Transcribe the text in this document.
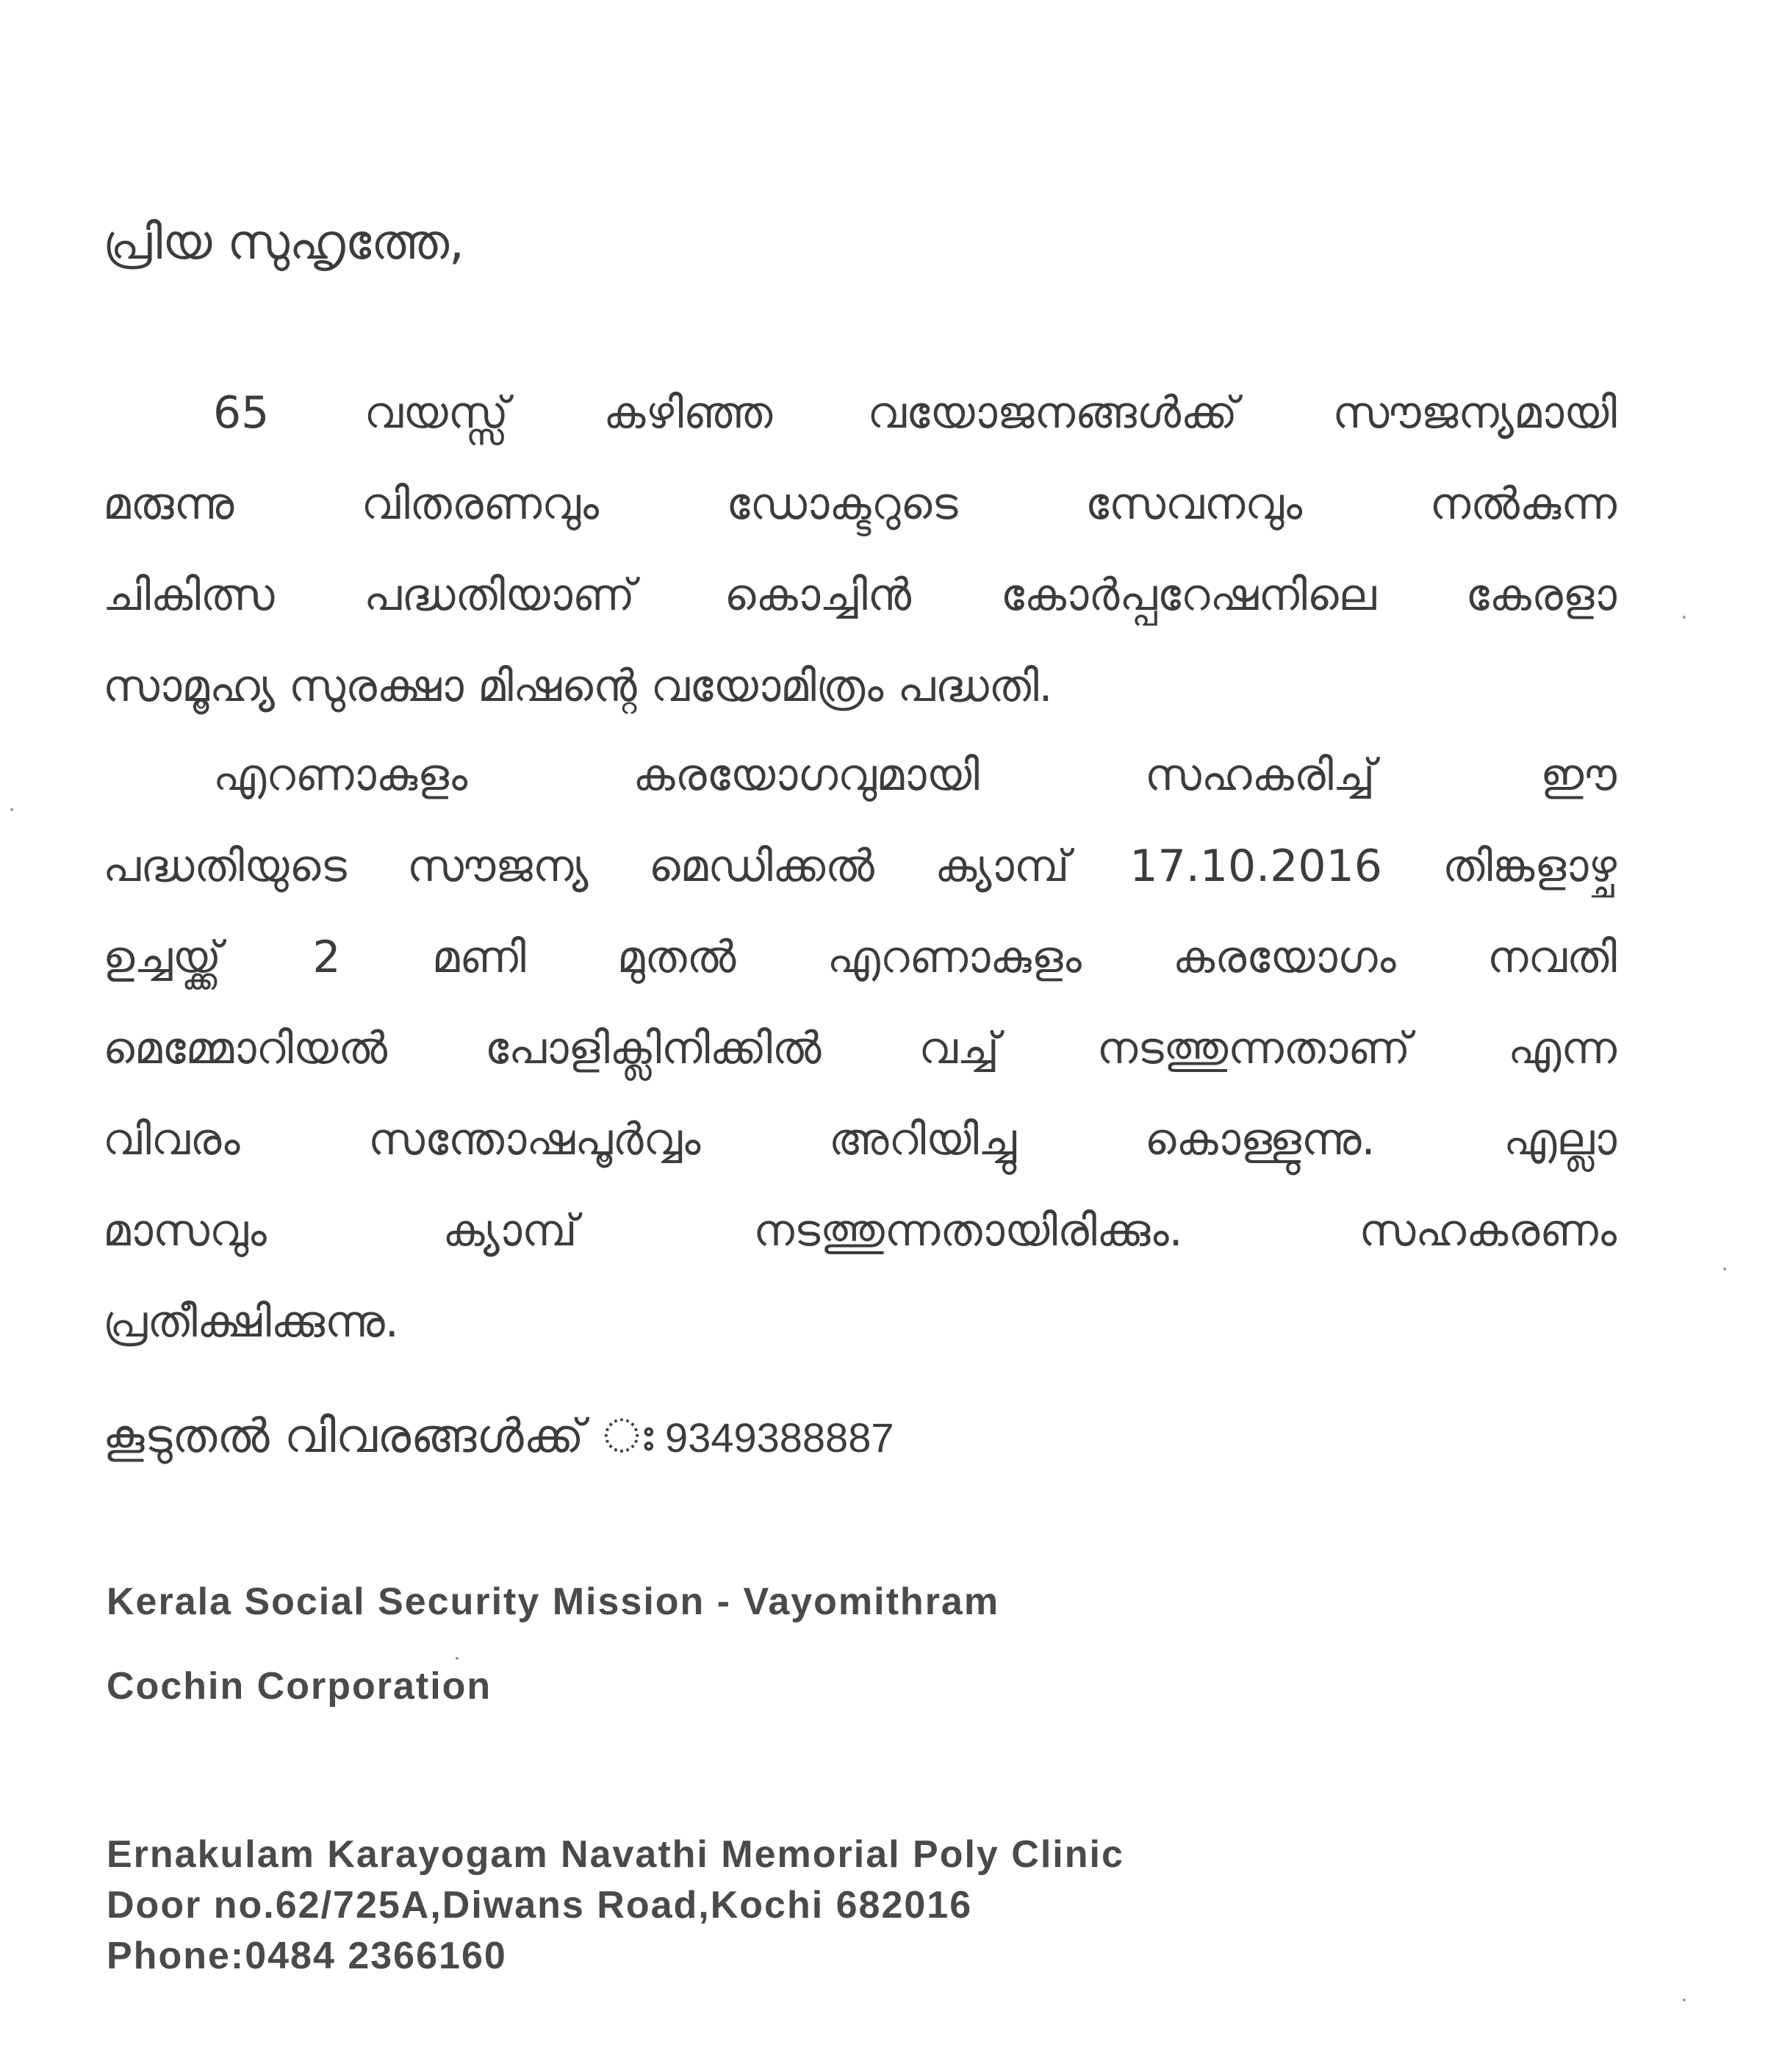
പ്രിയ സുഹൃത്തേ,
65 വയസ്സ് കഴിഞ്ഞ വയോജനങ്ങൾക്ക് സൗജന്യമായി
മരുന്നു വിതരണവും ഡോക്ടറുടെ സേവനവും നൽകുന്ന
ചികിത്സ പദ്ധതിയാണ് കൊച്ചിൻ കോർപ്പറേഷനിലെ കേരളാ
സാമൂഹ്യ സുരക്ഷാ മിഷന്റെ വയോമിത്രം പദ്ധതി.
എറണാകുളം കരയോഗവുമായി സഹകരിച്ച് ഈ
പദ്ധതിയുടെ സൗജന്യ മെഡിക്കൽ ക്യാമ്പ് 17.10.2016 തിങ്കളാഴ്ച
ഉച്ചയ്ക്ക് 2 മണി മുതൽ എറണാകുളം കരയോഗം നവതി
മെമ്മോറിയൽ പോളിക്ലിനിക്കിൽ വച്ച് നടത്തുന്നതാണ് എന്ന
വിവരം സന്തോഷപൂർവ്വം അറിയിച്ചു കൊള്ളുന്നു. എല്ലാ
മാസവും ക്യാമ്പ് നടത്തുന്നതായിരിക്കും. സഹകരണം
പ്രതീക്ഷിക്കുന്നു.
കൂടുതൽ വിവരങ്ങൾക്ക് ഃ 9349388887
Kerala Social Security Mission - Vayomithram
Cochin Corporation
Ernakulam Karayogam Navathi Memorial Poly Clinic
Door no.62/725A,Diwans Road,Kochi 682016
Phone:0484 2366160
